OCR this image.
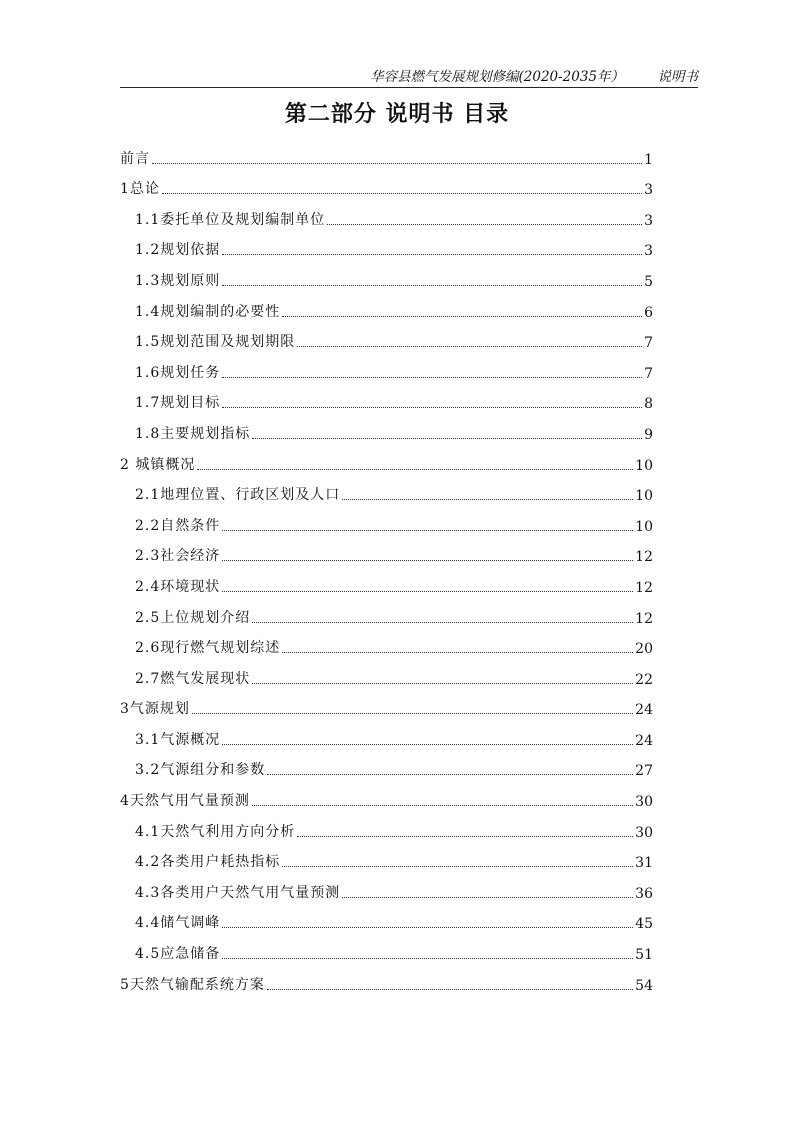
华容县燃气发展规划修编(2020-2035年） 说明书
第二部分 说明书 目录
前言	1
1总论	3
1.1委托单位及规划编制单位	3
1.2规划依据	3
1.3规划原则	5
1.4规划编制的必要性	6
1.5规划范围及规划期限	7
1.6规划任务	7
1.7规划目标	8
1.8主要规划指标	9
2 城镇概况	10
2.1地理位置、行政区划及人口	10
2.2自然条件	10
2.3社会经济	12
2.4环境现状	12
2.5上位规划介绍	12
2.6现行燃气规划综述	20
2.7燃气发展现状	22
3气源规划	24
3.1气源概况	24
3.2气源组分和参数	27
4天然气用气量预测	30
4.1天然气利用方向分析	30
4.2各类用户耗热指标	31
4.3各类用户天然气用气量预测	36
4.4储气调峰	45
4.5应急储备	51
5天然气输配系统方案	54
